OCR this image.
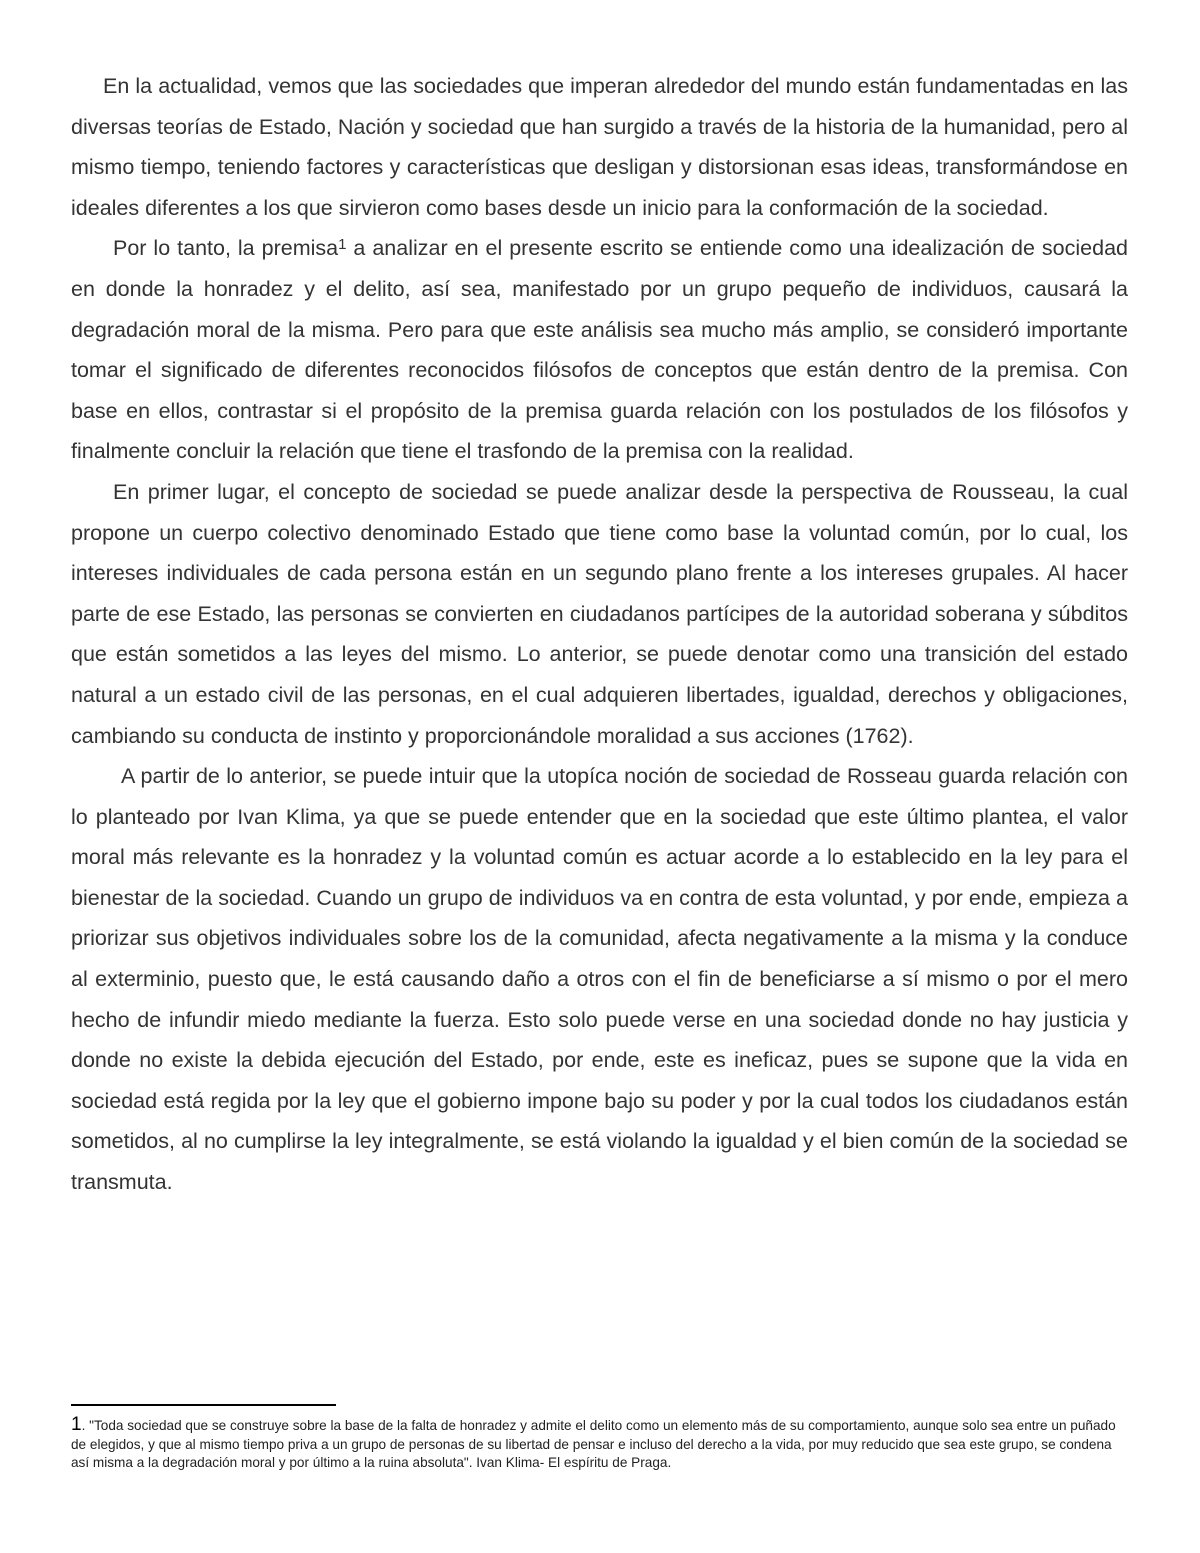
En la actualidad, vemos que las sociedades que imperan alrededor del mundo están fundamentadas en las diversas teorías de Estado, Nación y sociedad que han surgido a través de la historia de la humanidad, pero al mismo tiempo, teniendo factores y características que desligan y distorsionan esas ideas, transformándose en ideales diferentes a los que sirvieron como bases desde un inicio para la conformación de la sociedad.

Por lo tanto, la premisa$^1$ a analizar en el presente escrito se entiende como una idealización de sociedad en donde la honradez y el delito, así sea, manifestado por un grupo pequeño de individuos, causará la degradación moral de la misma. Pero para que este análisis sea mucho más amplio, se consideró importante tomar el significado de diferentes reconocidos filósofos de conceptos que están dentro de la premisa. Con base en ellos, contrastar si el propósito de la premisa guarda relación con los postulados de los filósofos y finalmente concluir la relación que tiene el trasfondo de la premisa con la realidad.

En primer lugar, el concepto de sociedad se puede analizar desde la perspectiva de Rousseau, la cual propone un cuerpo colectivo denominado Estado que tiene como base la voluntad común, por lo cual, los intereses individuales de cada persona están en un segundo plano frente a los intereses grupales. Al hacer parte de ese Estado, las personas se convierten en ciudadanos partícipes de la autoridad soberana y súbditos que están sometidos a las leyes del mismo. Lo anterior, se puede denotar como una transición del estado natural a un estado civil de las personas, en el cual adquieren libertades, igualdad, derechos y obligaciones, cambiando su conducta de instinto y proporcionándole moralidad a sus acciones (1762).

A partir de lo anterior, se puede intuir que la utopíca noción de sociedad de Rosseau guarda relación con lo planteado por Ivan Klima, ya que se puede entender que en la sociedad que este último plantea, el valor moral más relevante es la honradez y la voluntad común es actuar acorde a lo establecido en la ley para el bienestar de la sociedad. Cuando un grupo de individuos va en contra de esta voluntad, y por ende, empieza a priorizar sus objetivos individuales sobre los de la comunidad, afecta negativamente a la misma y la conduce al exterminio, puesto que, le está causando daño a otros con el fin de beneficiarse a sí mismo o por el mero hecho de infundir miedo mediante la fuerza. Esto solo puede verse en una sociedad donde no hay justicia y donde no existe la debida ejecución del Estado, por ende, este es ineficaz, pues se supone que la vida en sociedad está regida por la ley que el gobierno impone bajo su poder y por la cual todos los ciudadanos están sometidos, al no cumplirse la ley integralmente, se está violando la igualdad y el bien común de la sociedad se transmuta.

1. "Toda sociedad que se construye sobre la base de la falta de honradez y admite el delito como un elemento más de su comportamiento, aunque solo sea entre un puñado de elegidos, y que al mismo tiempo priva a un grupo de personas de su libertad de pensar e incluso del derecho a la vida, por muy reducido que sea este grupo, se condena así misma a la degradación moral y por último a la ruina absoluta". Ivan Klima- El espíritu de Praga.
